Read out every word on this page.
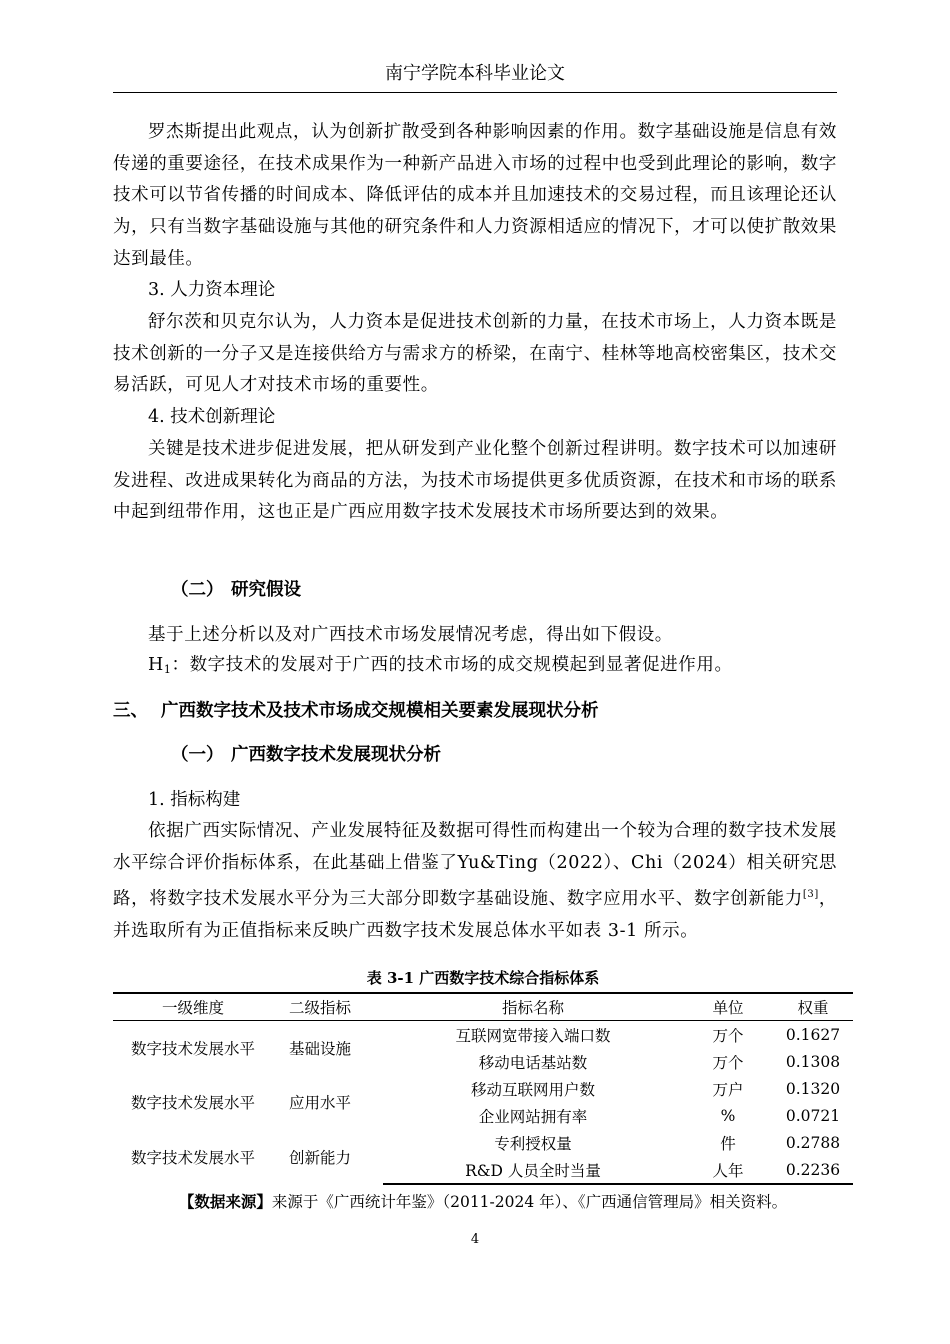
南宁学院本科毕业论文

罗杰斯提出此观点，认为创新扩散受到各种影响因素的作用。数字基础设施是信息有效传递的重要途径，在技术成果作为一种新产品进入市场的过程中也受到此理论的影响，数字技术可以节省传播的时间成本、降低评估的成本并且加速技术的交易过程，而且该理论还认为，只有当数字基础设施与其他的研究条件和人力资源相适应的情况下，才可以使扩散效果达到最佳。

3. 人力资本理论

舒尔茨和贝克尔认为，人力资本是促进技术创新的力量，在技术市场上，人力资本既是技术创新的一分子又是连接供给方与需求方的桥梁，在南宁、桂林等地高校密集区，技术交易活跃，可见人才对技术市场的重要性。

4. 技术创新理论

关键是技术进步促进发展，把从研发到产业化整个创新过程讲明。数字技术可以加速研发进程、改进成果转化为商品的方法，为技术市场提供更多优质资源，在技术和市场的联系中起到纽带作用，这也正是广西应用数字技术发展技术市场所要达到的效果。

（二） 研究假设

基于上述分析以及对广西技术市场发展情况考虑，得出如下假设。

$H_1$：数字技术的发展对于广西的技术市场的成交规模起到显著促进作用。

三、 广西数字技术及技术市场成交规模相关要素发展现状分析
（一） 广西数字技术发展现状分析
1. 指标构建

依据广西实际情况、产业发展特征及数据可得性而构建出一个较为合理的数字技术发展水平综合评价指标体系，在此基础上借鉴了Yu&Ting（2022）、Chi（2024）相关研究思路，将数字技术发展水平分为三大部分即数字基础设施、数字应用水平、数字创新能力[3]，并选取所有为正值指标来反映广西数字技术发展总体水平如表 3-1 所示。

表 3-1 广西数字技术综合指标体系
一级维度	二级指标	指标名称	单位	权重
数字技术发展水平	基础设施	互联网宽带接入端口数	万个	0.1627
		移动电话基站数	万个	0.1308
数字技术发展水平	应用水平	移动互联网用户数	万户	0.1320
		企业网站拥有率	%	0.0721
数字技术发展水平	创新能力	专利授权量	件	0.2788
		R&D 人员全时当量	人年	0.2236
【数据来源】来源于《广西统计年鉴》（2011-2024 年）、《广西通信管理局》相关资料。
4
